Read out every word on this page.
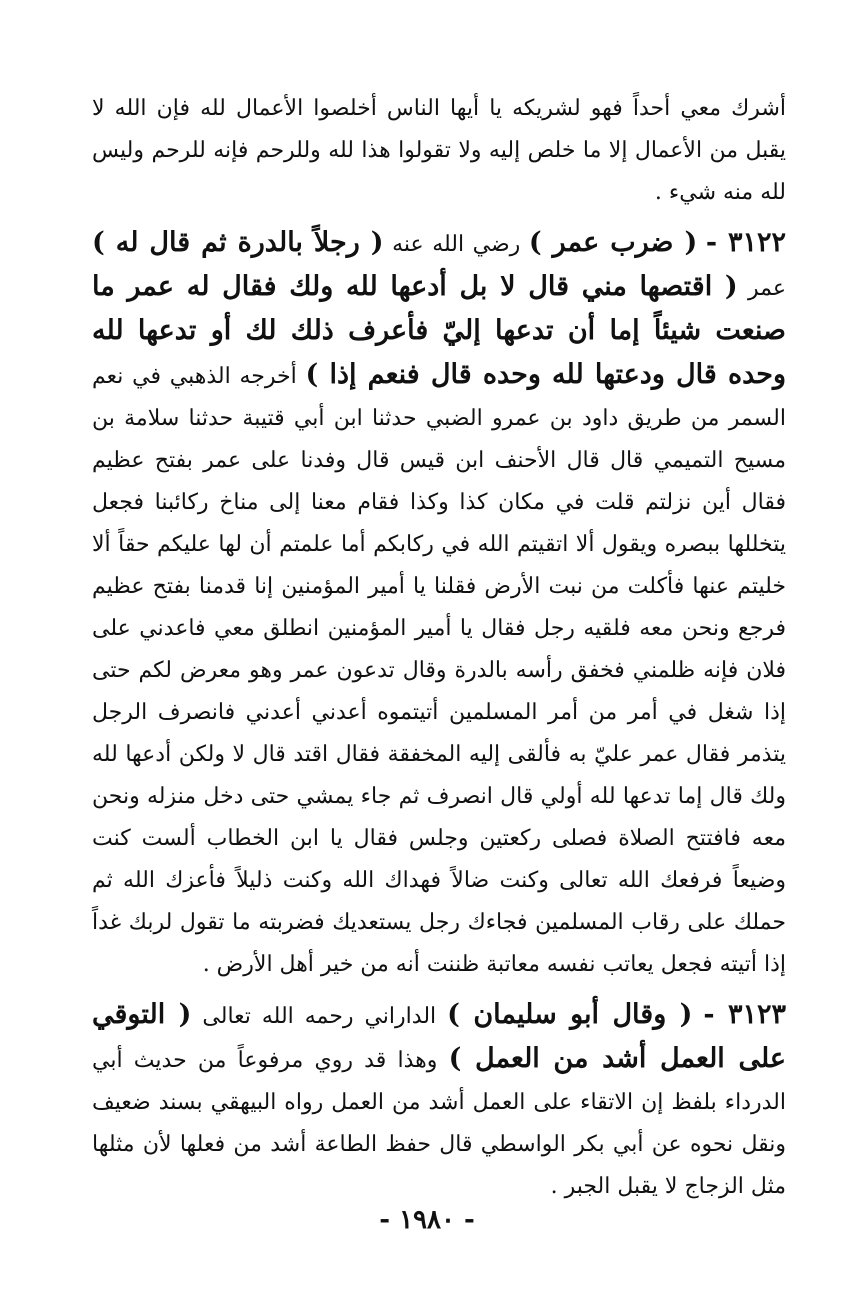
أشرك معي أحداً فهو لشريكه يا أيها الناس أخلصوا الأعمال لله فإن الله لا يقبل من الأعمال إلا ما خلص إليه ولا تقولوا هذا لله وللرحم فإنه للرحم وليس لله منه شيء .

٣١٢٢ - ( ضرب عمر ) رضي الله عنه ( رجلاً بالدرة ثم قال له ) عمر ( اقتصها مني قال لا بل أدعها لله ولك فقال له عمر ما صنعت شيئاً إما أن تدعها إليّ فأعرف ذلك لك أو تدعها لله وحده قال ودعتها لله وحده قال فنعم إذا ) أخرجه الذهبي في نعم السمر من طريق داود بن عمرو الضبي حدثنا ابن أبي قتيبة حدثنا سلامة بن مسيح التميمي قال قال الأحنف ابن قيس قال وفدنا على عمر بفتح عظيم فقال أين نزلتم قلت في مكان كذا وكذا فقام معنا إلى مناخ ركائبنا فجعل يتخللها ببصره ويقول ألا اتقيتم الله في ركابكم أما علمتم أن لها عليكم حقاً ألا خليتم عنها فأكلت من نبت الأرض فقلنا يا أمير المؤمنين إنا قدمنا بفتح عظيم فرجع ونحن معه فلقيه رجل فقال يا أمير المؤمنين انطلق معي فاعدني على فلان فإنه ظلمني فخفق رأسه بالدرة وقال تدعون عمر وهو معرض لكم حتى إذا شغل في أمر من أمر المسلمين أتيتموه أعدني أعدني فانصرف الرجل يتذمر فقال عمر عليّ به فألقى إليه المخفقة فقال اقتد قال لا ولكن أدعها لله ولك قال إما تدعها لله أولي قال انصرف ثم جاء يمشي حتى دخل منزله ونحن معه فافتتح الصلاة فصلى ركعتين وجلس فقال يا ابن الخطاب ألست كنت وضيعاً فرفعك الله تعالى وكنت ضالاً فهداك الله وكنت ذليلاً فأعزك الله ثم حملك على رقاب المسلمين فجاءك رجل يستعديك فضربته ما تقول لربك غداً إذا أتيته فجعل يعاتب نفسه معاتبة ظننت أنه من خير أهل الأرض .

٣١٢٣ - ( وقال أبو سليمان ) الداراني رحمه الله تعالى ( التوقي على العمل أشد من العمل ) وهذا قد روي مرفوعاً من حديث أبي الدرداء بلفظ إن الاتقاء على العمل أشد من العمل رواه البيهقي بسند ضعيف ونقل نحوه عن أبي بكر الواسطي قال حفظ الطاعة أشد من فعلها لأن مثلها مثل الزجاج لا يقبل الجبر .

- ١٩٨٠ -
